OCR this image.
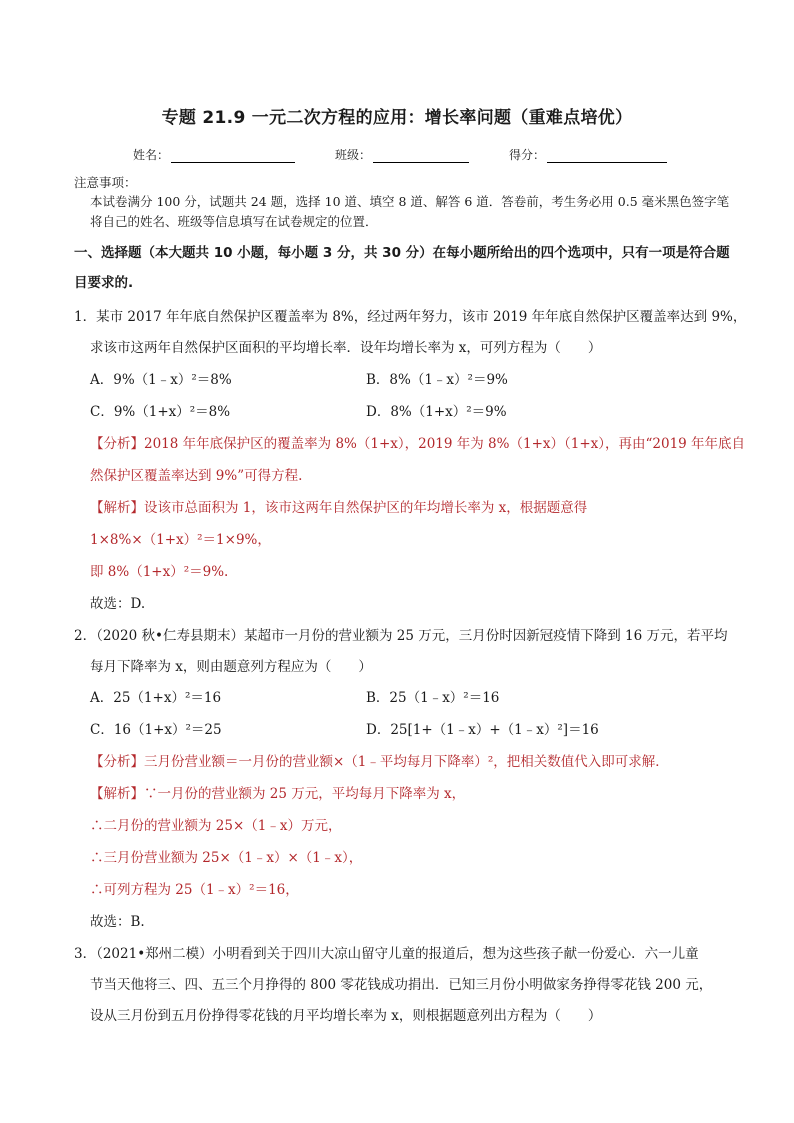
专题 21.9 一元二次方程的应用：增长率问题（重难点培优）
姓名：	班级：	得分：
注意事项：
本试卷满分 100 分，试题共 24 题，选择 10 道、填空 8 道、解答 6 道．答卷前，考生务必用 0.5 毫米黑色签字笔将自己的姓名、班级等信息填写在试卷规定的位置．
一、选择题（本大题共 10 小题，每小题 3 分，共 30 分）在每小题所给出的四个选项中，只有一项是符合题目要求的.
1．某市 2017 年年底自然保护区覆盖率为 8%，经过两年努力，该市 2019 年年底自然保护区覆盖率达到 9%，
求该市这两年自然保护区面积的平均增长率．设年均增长率为 x，可列方程为（　　）
A．9%（1﹣x）²＝8%	B．8%（1﹣x）²＝9%
C．9%（1+x）²＝8%	D．8%（1+x）²＝9%
【分析】2018 年年底保护区的覆盖率为 8%（1+x），2019 年为 8%（1+x）（1+x），再由“2019 年年底自
然保护区覆盖率达到 9%”可得方程.
【解析】设该市总面积为 1，该市这两年自然保护区的年均增长率为 x，根据题意得
1×8%×（1+x）²＝1×9%，
即 8%（1+x）²＝9%.
故选：D.
2．（2020 秋•仁寿县期末）某超市一月份的营业额为 25 万元，三月份时因新冠疫情下降到 16 万元，若平均
每月下降率为 x，则由题意列方程应为（　　）
A．25（1+x）²＝16	B．25（1﹣x）²＝16
C．16（1+x）²＝25	D．25[1+（1﹣x）+（1﹣x）²]＝16
【分析】三月份营业额＝一月份的营业额×（1﹣平均每月下降率）²，把相关数值代入即可求解．
【解析】∵一月份的营业额为 25 万元，平均每月下降率为 x，
∴二月份的营业额为 25×（1﹣x）万元，
∴三月份营业额为 25×（1﹣x）×（1﹣x），
∴可列方程为 25（1﹣x）²＝16，
故选：B.
3．（2021•郑州二模）小明看到关于四川大凉山留守儿童的报道后，想为这些孩子献一份爱心．六一儿童
节当天他将三、四、五三个月挣得的 800 零花钱成功捐出．已知三月份小明做家务挣得零花钱 200 元，
设从三月份到五月份挣得零花钱的月平均增长率为 x，则根据题意列出方程为（　　）
